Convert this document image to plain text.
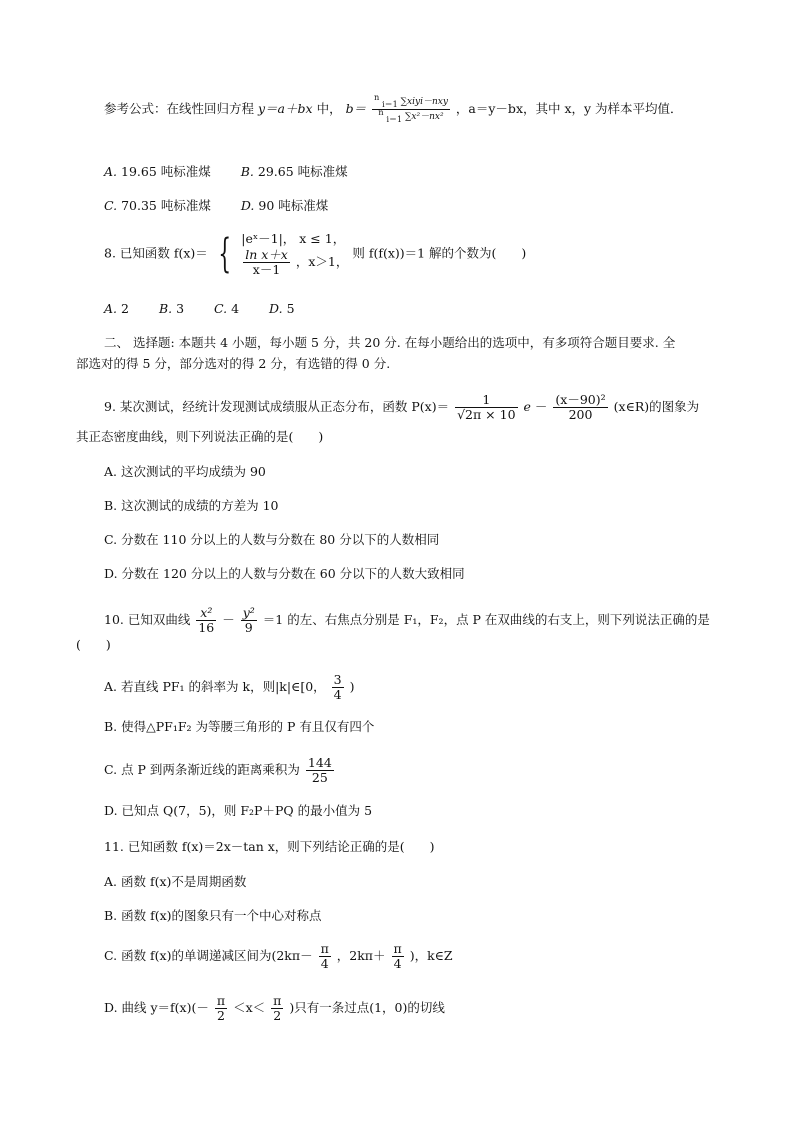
参考公式：在线性回归方程 y＝a＋bx 中， $b= \frac{^n _{i=1} \sum xiyi-nxy}{^n _{i=1} \sum x^2-nx^2}$ ，a＝y－bx，其中 x，y 为样本平均值．
A. 19.65 吨标准煤 B. 29.65 吨标准煤
C. 70.35 吨标准煤 D. 90 吨标准煤
8. 已知函数 f(x)＝ { |eˣ－1|， x ≤ 1，
$\frac{\text{ln x＋x}}{x-1}$ ，x＞1，
则 f(f(x))＝1 解的个数为(　　)
A. 2 B. 3 C. 4 D. 5
二、 选择题: 本题共 4 小题，每小题 5 分，共 20 分. 在每小题给出的选项中，有多项符合题目要求. 全
部选对的得 5 分，部分选对的得 2 分，有选错的得 0 分.
9. 某次测试，经统计发现测试成绩服从正态分布，函数 $P(x)= \frac{1}{√2\pi \times 10}$ $e - \frac{\text{(x－90)²}}{200}$ (x∈R)的图象为
其正态密度曲线，则下列说法正确的是(　　)
A. 这次测试的平均成绩为 90
B. 这次测试的成绩的方差为 10
C. 分数在 110 分以上的人数与分数在 80 分以下的人数相同
D. 分数在 120 分以上的人数与分数在 60 分以下的人数大致相同
10. 已知双曲线 $\frac{\text{x²}}{16} - \frac{\text{y²}}{9} =1$ 的左、右焦点分别是 F₁，F₂，点 P 在双曲线的右支上，则下列说法正确的是
(　　)
A. 若直线 PF₁ 的斜率为 k，则|k|∈[0， $\frac{3}{4}$ )
B. 使得△PF₁F₂ 为等腰三角形的 P 有且仅有四个
C. 点 P 到两条渐近线的距离乘积为 $\frac{144}{25}$
D. 已知点 Q(7，5)，则 F₂P＋PQ 的最小值为 5
11. 已知函数 f(x)＝2x－tan x，则下列结论正确的是(　　)
A. 函数 f(x)不是周期函数
B. 函数 f(x)的图象只有一个中心对称点
C. 函数 f(x)的单调递减区间为($2k\pi- \frac{\pi}{4}$ ，$2k\pi+ \frac{\pi}{4}$ )，k∈Z
D. 曲线 $y=f(x)(- \frac{\pi}{2} <x< \frac{\pi}{2}$ )只有一条过点(1，0)的切线
